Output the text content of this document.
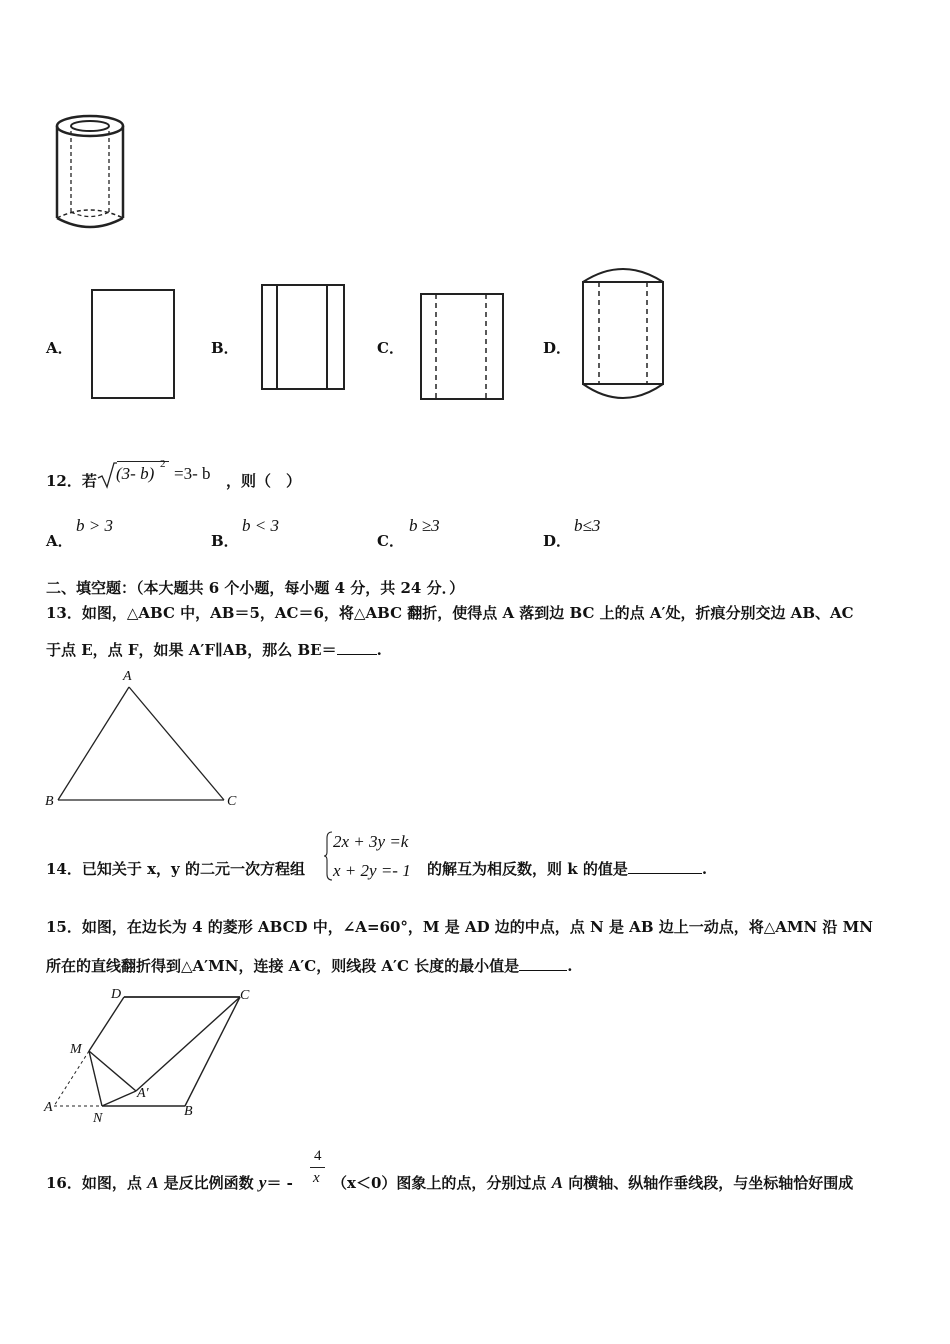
A．	B．	C．	D．
12．若 (3- b) 2 =3- b ，则（　）
A．
b > 3
B．
b < 3
C．
b ≥3
D．
b≤3
二、填空题：（本大题共 6 个小题，每小题 4 分，共 24 分．）
13．如图，△ABC 中，AB＝5，AC＝6，将△ABC 翻折，使得点 A 落到边 BC 上的点 A′处，折痕分别交边 AB、AC
于点 E，点 F，如果 A′F∥AB，那么 BE＝	.
A
B	C
14．已知关于 x，y 的二元一次方程组
2x + 3y =k
x + 2y =- 1 的解互为相反数，则 k 的值是	.
15．如图，在边长为 4 的菱形 ABCD 中，∠A=60°，M 是 AD 边的中点，点 N 是 AB 边上一动点，将△AMN 沿 MN
所在的直线翻折得到△A′MN，连接 A′C，则线段 A′C 长度的最小值是	.
D	C
M
A′
A
N	B
16．如图，点 A 是反比例函数 y＝ -
4
x （x＜0）图象上的点，分别过点 A 向横轴、纵轴作垂线段，与坐标轴恰好围成
